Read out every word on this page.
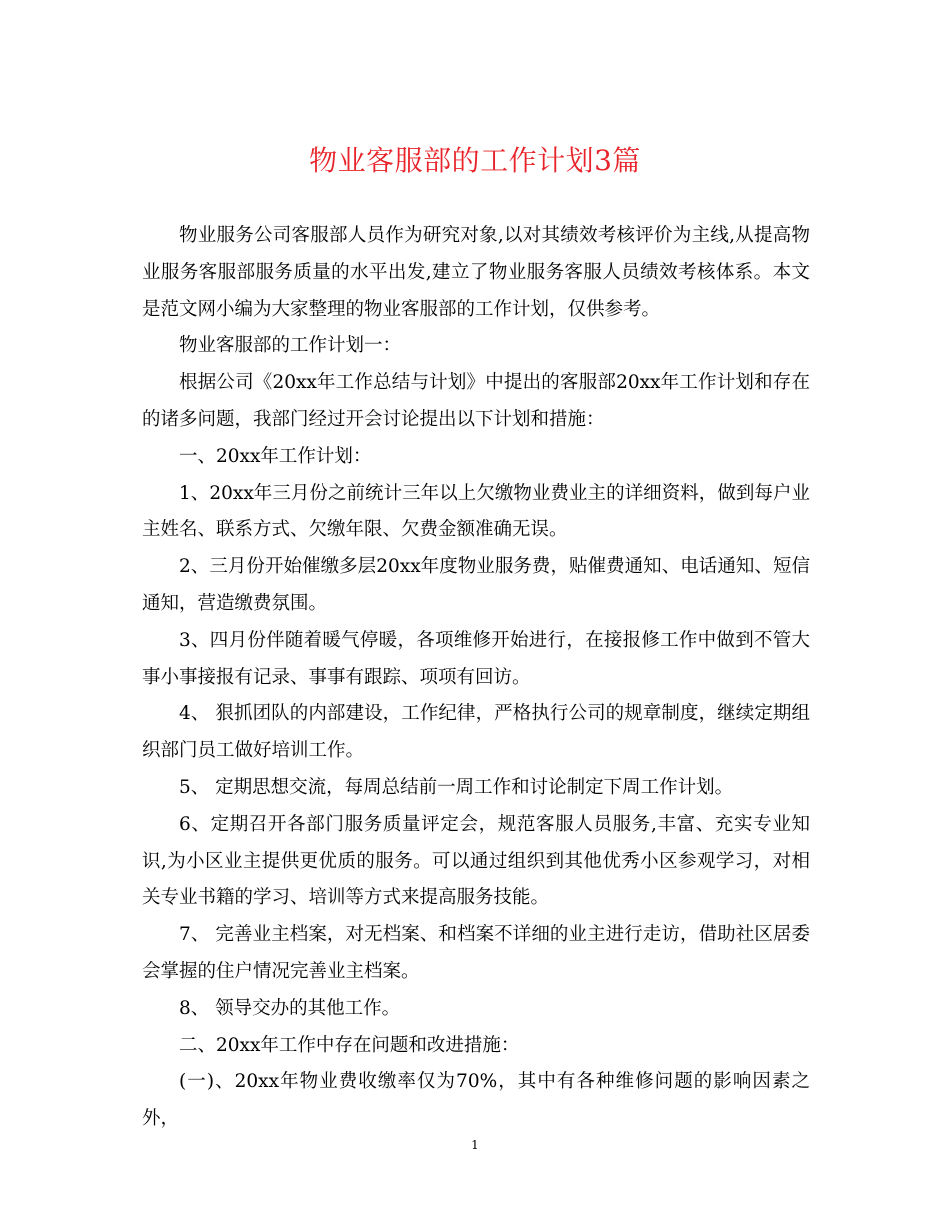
物业客服部的工作计划3篇

物业服务公司客服部人员作为研究对象,以对其绩效考核评价为主线,从提高物业服务客服部服务质量的水平出发,建立了物业服务客服人员绩效考核体系。本文是范文网小编为大家整理的物业客服部的工作计划，仅供参考。

物业客服部的工作计划一：

根据公司《20xx年工作总结与计划》中提出的客服部20xx年工作计划和存在的诸多问题，我部门经过开会讨论提出以下计划和措施：

一、20xx年工作计划：

1、20xx年三月份之前统计三年以上欠缴物业费业主的详细资料，做到每户业主姓名、联系方式、欠缴年限、欠费金额准确无误。

2、三月份开始催缴多层20xx年度物业服务费，贴催费通知、电话通知、短信通知，营造缴费氛围。

3、四月份伴随着暖气停暖，各项维修开始进行，在接报修工作中做到不管大事小事接报有记录、事事有跟踪、项项有回访。

4、 狠抓团队的内部建设，工作纪律，严格执行公司的规章制度，继续定期组织部门员工做好培训工作。

5、 定期思想交流，每周总结前一周工作和讨论制定下周工作计划。

6、定期召开各部门服务质量评定会，规范客服人员服务,丰富、充实专业知识,为小区业主提供更优质的服务。可以通过组织到其他优秀小区参观学习，对相关专业书籍的学习、培训等方式来提高服务技能。

7、 完善业主档案，对无档案、和档案不详细的业主进行走访，借助社区居委会掌握的住户情况完善业主档案。

8、 领导交办的其他工作。

二、20xx年工作中存在问题和改进措施：

(一)、20xx年物业费收缴率仅为70%，其中有各种维修问题的影响因素之外，

1
